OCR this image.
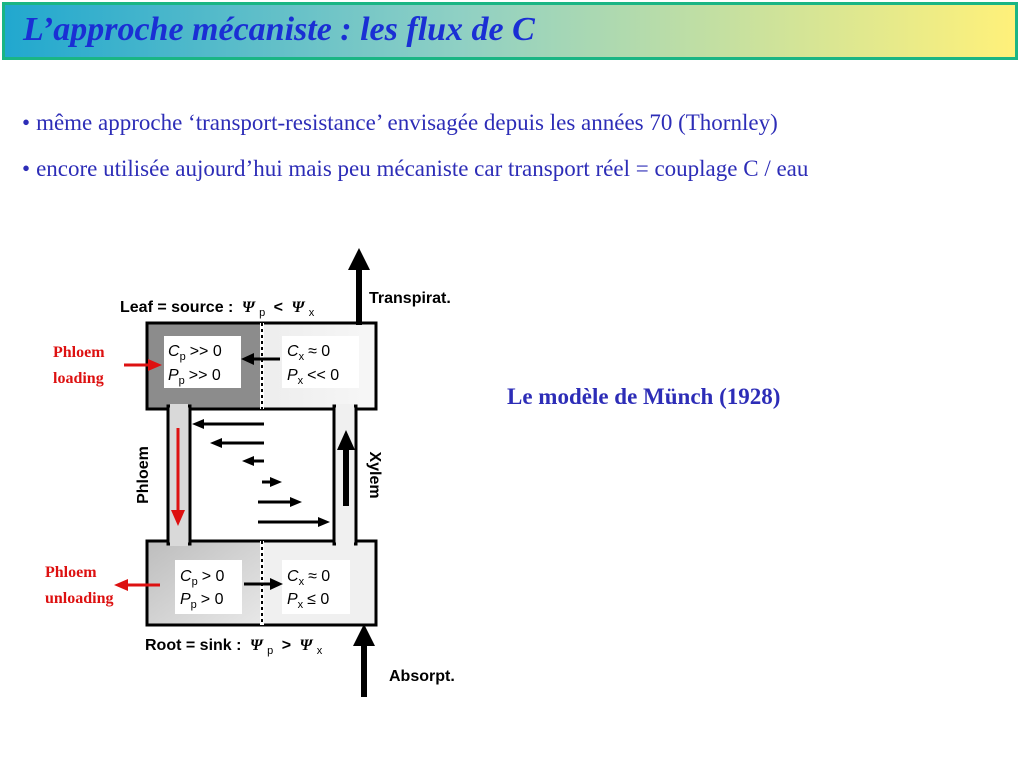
L’approche mécaniste : les flux de C
• même approche ‘transport-resistance’ envisagée depuis les années 70 (Thornley)
• encore utilisée aujourd’hui mais peu mécaniste car transport réel = couplage C / eau

Le modèle de Münch (1928)

Transpirat.
Absorpt.
Leaf = source : Ψ $_p$ < Ψ $_x$
Root = sink : Ψ $_p$ > Ψ $_x$
$C_p >> 0$
$P_p >> 0$
$C_x \approx 0$
$P_x << 0$
$C_p > 0$
$P_p > 0$
$C_x \approx 0$
$P_x \le 0$
Phloem loading
Phloem unloading
Phloem	Xylem
